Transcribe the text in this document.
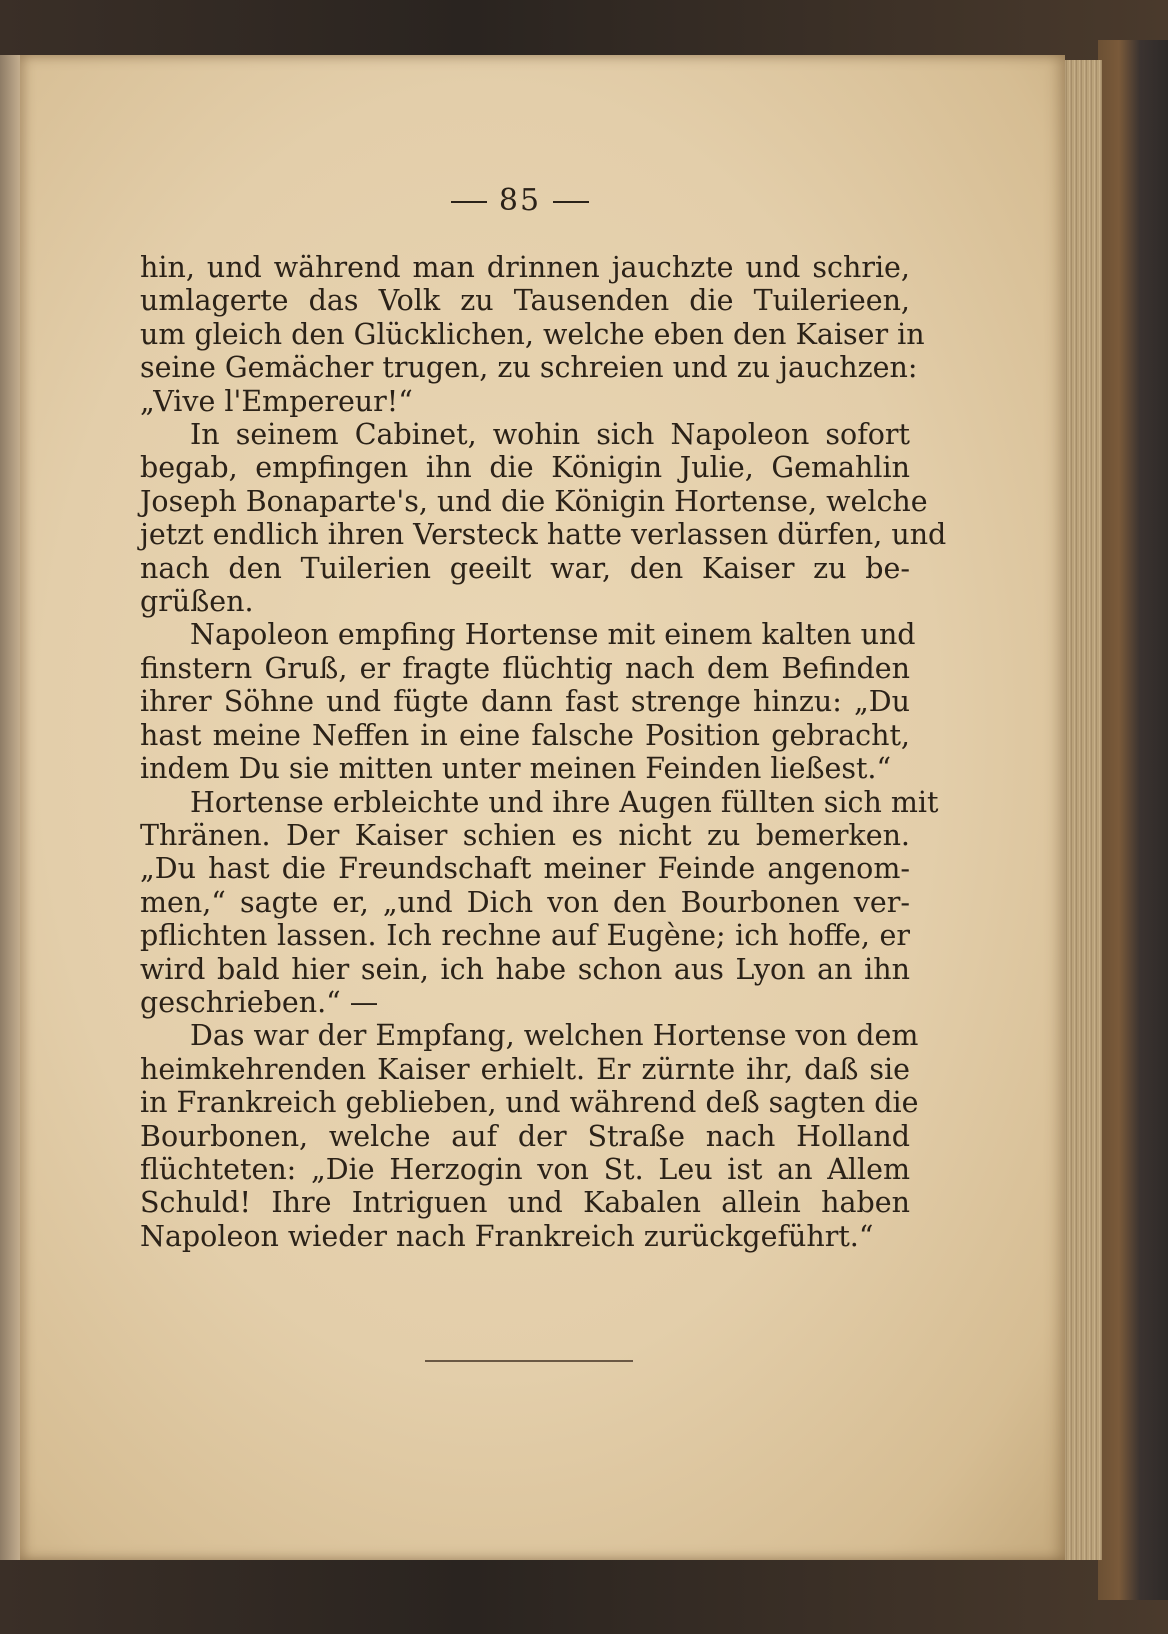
85
hin, und während man drinnen jauchzte und schrie,
umlagerte das Volk zu Tausenden die Tuilerieen,
um gleich den Glücklichen, welche eben den Kaiser in
seine Gemächer trugen, zu schreien und zu jauchzen:
„Vive l'Empereur!“
In seinem Cabinet, wohin sich Napoleon sofort
begab, empfingen ihn die Königin Julie, Gemahlin
Joseph Bonaparte's, und die Königin Hortense, welche
jetzt endlich ihren Versteck hatte verlassen dürfen, und
nach den Tuilerien geeilt war, den Kaiser zu be-
grüßen.
Napoleon empfing Hortense mit einem kalten und
finstern Gruß, er fragte flüchtig nach dem Befinden
ihrer Söhne und fügte dann fast strenge hinzu: „Du
hast meine Neffen in eine falsche Position gebracht,
indem Du sie mitten unter meinen Feinden ließest.“
Hortense erbleichte und ihre Augen füllten sich mit
Thränen. Der Kaiser schien es nicht zu bemerken.
„Du hast die Freundschaft meiner Feinde angenom-
men,“ sagte er, „und Dich von den Bourbonen ver-
pflichten lassen. Ich rechne auf Eugène; ich hoffe, er
wird bald hier sein, ich habe schon aus Lyon an ihn
geschrieben.“ —
Das war der Empfang, welchen Hortense von dem
heimkehrenden Kaiser erhielt. Er zürnte ihr, daß sie
in Frankreich geblieben, und während deß sagten die
Bourbonen, welche auf der Straße nach Holland
flüchteten: „Die Herzogin von St. Leu ist an Allem
Schuld! Ihre Intriguen und Kabalen allein haben
Napoleon wieder nach Frankreich zurückgeführt.“
